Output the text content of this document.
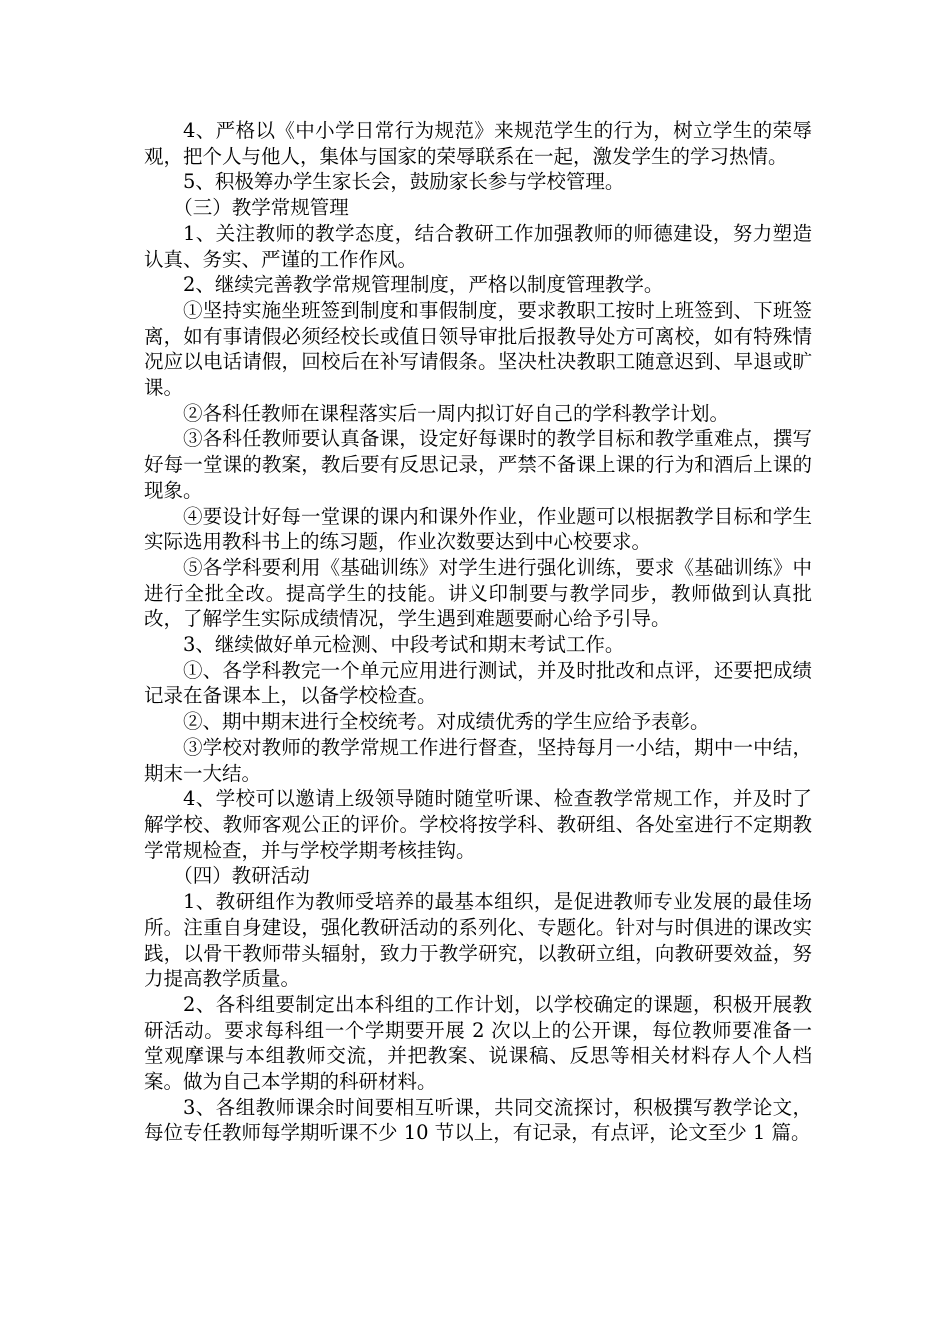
4、严格以《中小学日常行为规范》来规范学生的行为，树立学生的荣辱观，把个人与他人，集体与国家的荣辱联系在一起，激发学生的学习热情。

5、积极筹办学生家长会，鼓励家长参与学校管理。

（三）教学常规管理

1、关注教师的教学态度，结合教研工作加强教师的师德建设，努力塑造认真、务实、严谨的工作作风。

2、继续完善教学常规管理制度，严格以制度管理教学。

①坚持实施坐班签到制度和事假制度，要求教职工按时上班签到、下班签离，如有事请假必须经校长或值日领导审批后报教导处方可离校，如有特殊情况应以电话请假，回校后在补写请假条。坚决杜决教职工随意迟到、早退或旷课。

②各科任教师在课程落实后一周内拟订好自己的学科教学计划。

③各科任教师要认真备课，设定好每课时的教学目标和教学重难点，撰写好每一堂课的教案，教后要有反思记录，严禁不备课上课的行为和酒后上课的现象。

④要设计好每一堂课的课内和课外作业，作业题可以根据教学目标和学生实际选用教科书上的练习题，作业次数要达到中心校要求。

⑤各学科要利用《基础训练》对学生进行强化训练，要求《基础训练》中进行全批全改。提高学生的技能。讲义印制要与教学同步，教师做到认真批改，了解学生实际成绩情况，学生遇到难题要耐心给予引导。

3、继续做好单元检测、中段考试和期末考试工作。

①、各学科教完一个单元应用进行测试，并及时批改和点评，还要把成绩记录在备课本上，以备学校检查。

②、期中期末进行全校统考。对成绩优秀的学生应给予表彰。

③学校对教师的教学常规工作进行督查，坚持每月一小结，期中一中结，期末一大结。

4、学校可以邀请上级领导随时随堂听课、检查教学常规工作，并及时了解学校、教师客观公正的评价。学校将按学科、教研组、各处室进行不定期教学常规检查，并与学校学期考核挂钩。

（四）教研活动

1、教研组作为教师受培养的最基本组织，是促进教师专业发展的最佳场所。注重自身建设，强化教研活动的系列化、专题化。针对与时俱进的课改实践，以骨干教师带头辐射，致力于教学研究，以教研立组，向教研要效益，努力提高教学质量。

2、各科组要制定出本科组的工作计划，以学校确定的课题，积极开展教研活动。要求每科组一个学期要开展 2 次以上的公开课，每位教师要准备一堂观摩课与本组教师交流，并把教案、说课稿、反思等相关材料存人个人档案。做为自己本学期的科研材料。

3、各组教师课余时间要相互听课，共同交流探讨，积极撰写教学论文，每位专任教师每学期听课不少 10 节以上，有记录，有点评，论文至少 1 篇。
